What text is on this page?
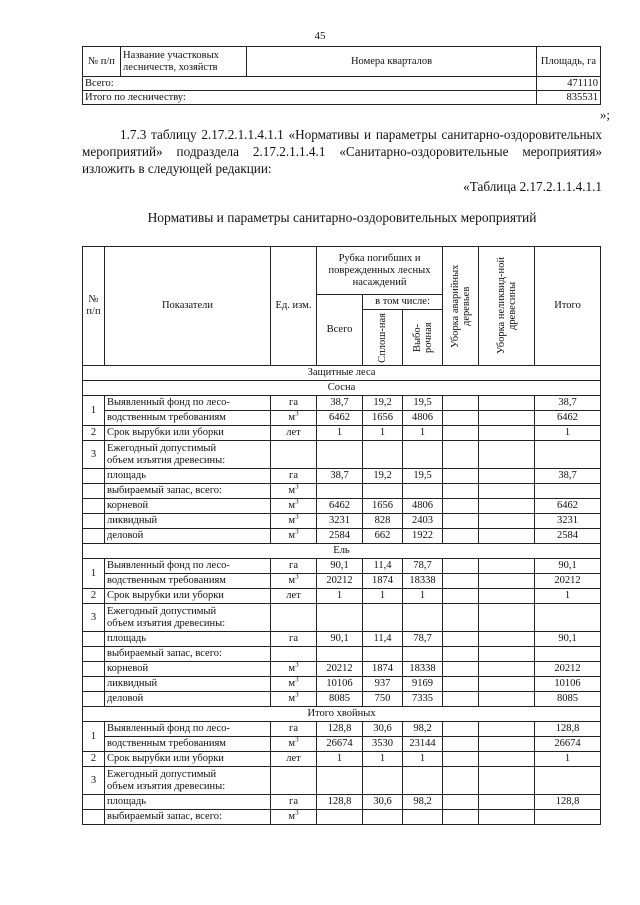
45
№ п/п	Название участковых лесничеств, хозяйств	Номера кварталов	Площадь, га
Всего:			471110
Итого по лесничеству:			835531
»;
1.7.3 таблицу 2.17.2.1.1.4.1.1 «Нормативы и параметры санитарно-оздоровительных мероприятий» подраздела 2.17.2.1.1.4.1 «Санитарно-оздоровительные мероприятия» изложить в следующей редакции:
«Таблица 2.17.2.1.1.4.1.1
Нормативы и параметры санитарно-оздоровительных мероприятий
№ п/п	Показатели	Ед. изм.	Рубка погибших и поврежденных лесных насаждений			Уборка аварийных деревьев	Уборка неликвид-ной древесины	Итого
			Всего	в том числе:				

				Сплош-ная	Выбо-рочная			

Защитные леса								
Сосна								
1	Выявленный фонд по лесо-	га	38,7	19,2	19,5			38,7
	водственным требованиям	$м^3$	6462	1656	4806			6462
2	Срок вырубки или уборки	лет	1	1	1			1
3	Ежегодный допустимый
объем изъятия древесины:							

	площадь	га	38,7	19,2	19,5			38,7
	выбираемый запас, всего:	$м^3$						
	корневой	$м^3$	6462	1656	4806			6462
	ликвидный	$м^3$	3231	828	2403			3231
	деловой	$м^3$	2584	662	1922			2584
Ель								
1	Выявленный фонд по лесо-	га	90,1	11,4	78,7			90,1
	водственным требованиям	$м^3$	20212	1874	18338			20212
2	Срок вырубки или уборки	лет	1	1	1			1
3	Ежегодный допустимый
объем изъятия древесины:							

	площадь	га	90,1	11,4	78,7			90,1
	выбираемый запас, всего:							
	корневой	$м^3$	20212	1874	18338			20212
	ликвидный	$м^3$	10106	937	9169			10106
	деловой	$м^3$	8085	750	7335			8085
Итого хвойных								
1	Выявленный фонд по лесо-	га	128,8	30,6	98,2			128,8
	водственным требованиям	$м^3$	26674	3530	23144			26674
2	Срок вырубки или уборки	лет	1	1	1			1
3	Ежегодный допустимый
объем изъятия древесины:							

	площадь	га	128,8	30,6	98,2			128,8
	выбираемый запас, всего:	$м^3$						
